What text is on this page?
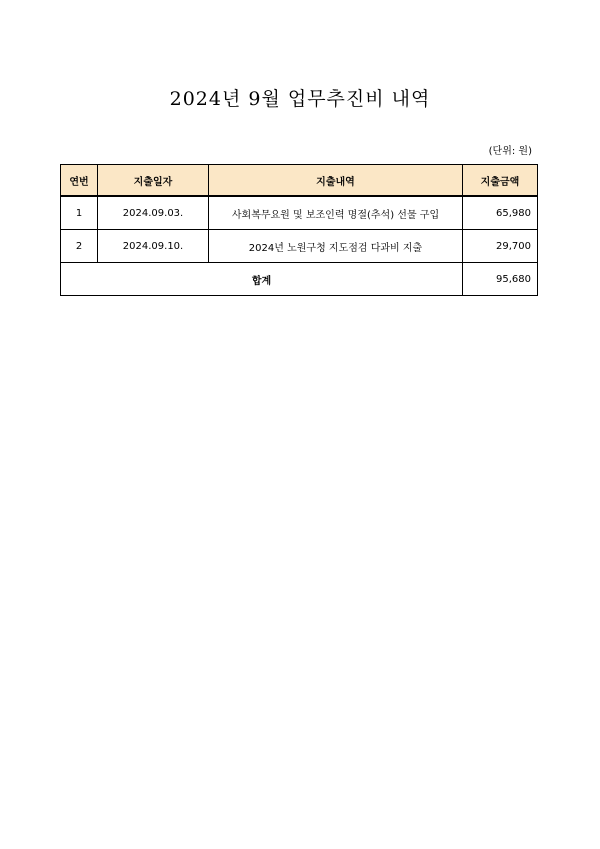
2024년 9월 업무추진비 내역
(단위: 원)
연번	지출일자	지출내역	지출금액
1	2024.09.03.	사회복무요원 및 보조인력 명절(추석) 선물 구입	65,980
2	2024.09.10.	2024년 노원구청 지도점검 다과비 지출	29,700
합계			95,680
